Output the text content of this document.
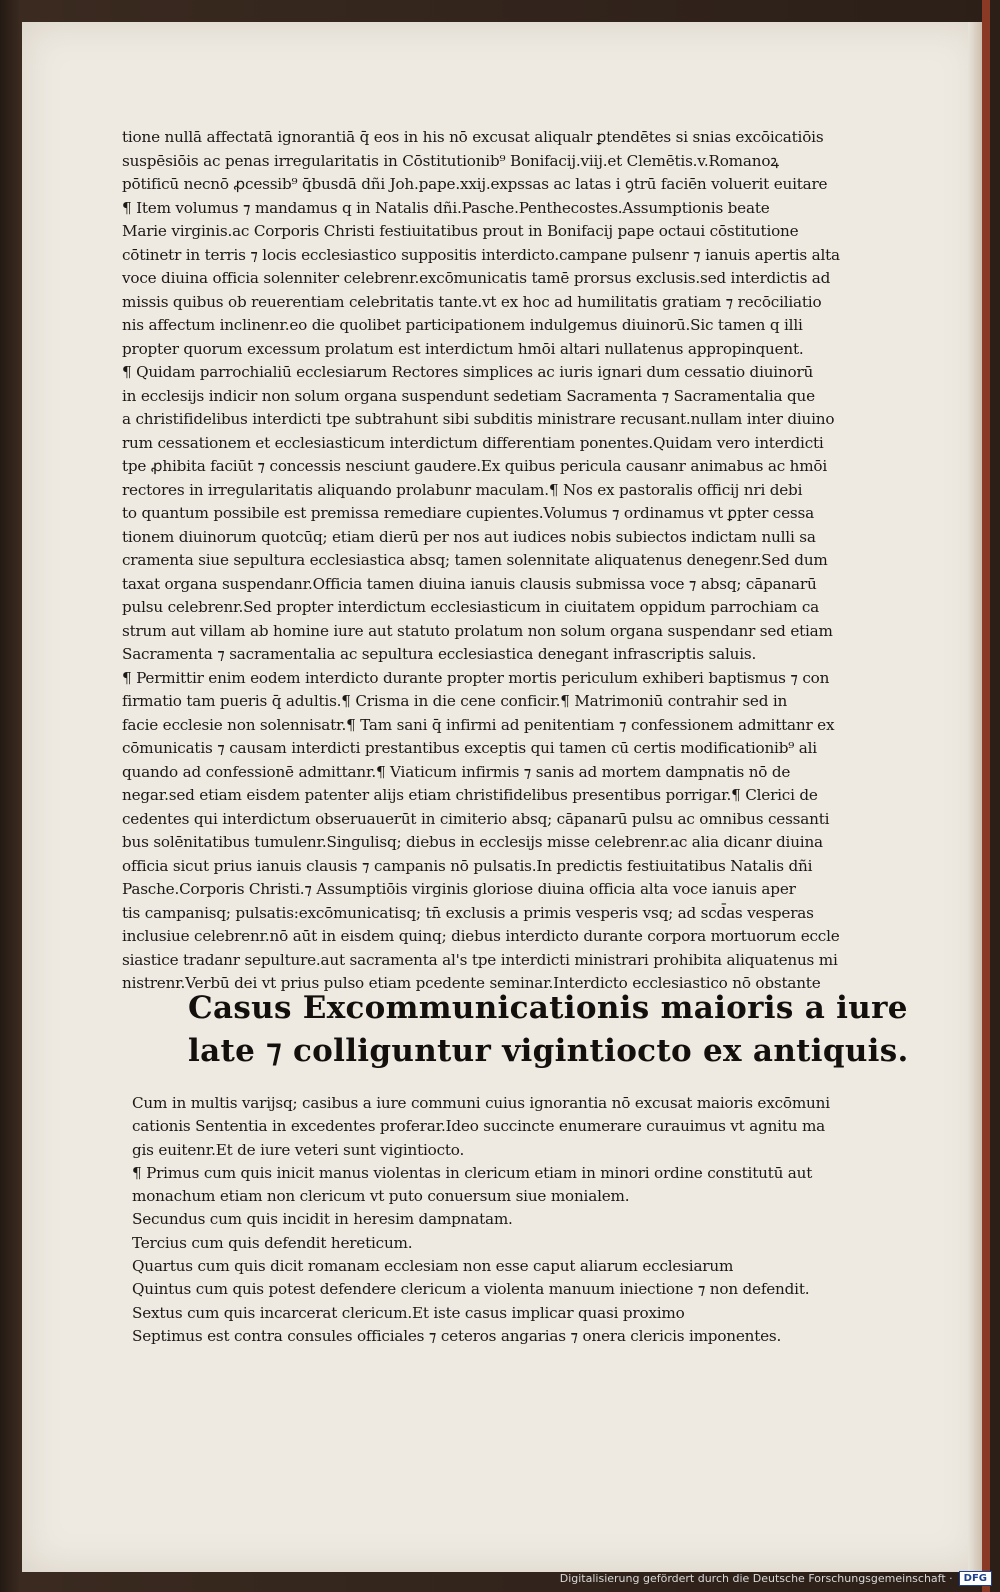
tione nullā affectatā ignorantiā q̄ eos in his nō excusat aliqualr ꝑtendētes si snias excōicatiōis
suspēsiōis ac penas irregularitatis in Cōstitutionib⁹ Bonifacij.viij.et Clemētis.v.Romanoꝝ
pōtificū necnō ꝓcessib⁹ q̄busdā dñi Joh.pape.xxij.expssas ac latas i ꝯtrū faciēn voluerit euitare
¶ Item volumus ⁊ mandamus q in Natalis dñi.Pasche.Penthecostes.Assumptionis beate
Marie virginis.ac Corporis Christi festiuitatibus prout in Bonifacij pape octaui cōstitutione
cōtinetr in terris ⁊ locis ecclesiastico suppositis interdicto.campane pulsenr ⁊ ianuis apertis alta
voce diuina officia solenniter celebrenr.excōmunicatis tamē prorsus exclusis.sed interdictis ad
missis quibus ob reuerentiam celebritatis tante.vt ex hoc ad humilitatis gratiam ⁊ recōciliatio
nis affectum inclinenr.eo die quolibet participationem indulgemus diuinorū.Sic tamen q illi
propter quorum excessum prolatum est interdictum hmōi altari nullatenus appropinquent.
¶ Quidam parrochialiū ecclesiarum Rectores simplices ac iuris ignari dum cessatio diuinorū
in ecclesijs indicir non solum organa suspendunt sedetiam Sacramenta ⁊ Sacramentalia que
a christifidelibus interdicti tpe subtrahunt sibi subditis ministrare recusant.nullam inter diuino
rum cessationem et ecclesiasticum interdictum differentiam ponentes.Quidam vero interdicti
tpe ꝓhibita faciūt ⁊ concessis nesciunt gaudere.Ex quibus pericula causanr animabus ac hmōi
rectores in irregularitatis aliquando prolabunr maculam.¶ Nos ex pastoralis officij nri debi
to quantum possibile est premissa remediare cupientes.Volumus ⁊ ordinamus vt ꝑpter cessa
tionem diuinorum quotcūq; etiam dierū per nos aut iudices nobis subiectos indictam nulli sa
cramenta siue sepultura ecclesiastica absq; tamen solennitate aliquatenus denegenr.Sed dum
taxat organa suspendanr.Officia tamen diuina ianuis clausis submissa voce ⁊ absq; cāpanarū
pulsu celebrenr.Sed propter interdictum ecclesiasticum in ciuitatem oppidum parrochiam ca
strum aut villam ab homine iure aut statuto prolatum non solum organa suspendanr sed etiam
Sacramenta ⁊ sacramentalia ac sepultura ecclesiastica denegant infrascriptis saluis.
¶ Permittir enim eodem interdicto durante propter mortis periculum exhiberi baptismus ⁊ con
firmatio tam pueris q̄ adultis.¶ Crisma in die cene conficir.¶ Matrimoniū contrahir sed in
facie ecclesie non solennisatr.¶ Tam sani q̄ infirmi ad penitentiam ⁊ confessionem admittanr ex
cōmunicatis ⁊ causam interdicti prestantibus exceptis qui tamen cū certis modificationib⁹ ali
quando ad confessionē admittanr.¶ Viaticum infirmis ⁊ sanis ad mortem dampnatis nō de
negar.sed etiam eisdem patenter alijs etiam christifidelibus presentibus porrigar.¶ Clerici de
cedentes qui interdictum obseruauerūt in cimiterio absq; cāpanarū pulsu ac omnibus cessanti
bus solēnitatibus tumulenr.Singulisq; diebus in ecclesijs misse celebrenr.ac alia dicanr diuina
officia sicut prius ianuis clausis ⁊ campanis nō pulsatis.In predictis festiuitatibus Natalis dñi
Pasche.Corporis Christi.⁊ Assumptiōis virginis gloriose diuina officia alta voce ianuis aper
tis campanisq; pulsatis:excōmunicatisq; tn̄ exclusis a primis vesperis vsq; ad scd̄as vesperas
inclusiue celebrenr.nō aūt in eisdem quinq; diebus interdicto durante corpora mortuorum eccle
siastice tradanr sepulture.aut sacramenta al's tpe interdicti ministrari prohibita aliquatenus mi
nistrenr.Verbū dei vt prius pulso etiam pcedente seminar.Interdicto ecclesiastico nō obstante
Casus Excommunicationis maioris a iure
late ⁊ colliguntur vigintiocto ex antiquis.
Cum in multis varijsq; casibus a iure communi cuius ignorantia nō excusat maioris excōmuni
cationis Sententia in excedentes proferar.Ideo succincte enumerare curauimus vt agnitu ma
gis euitenr.Et de iure veteri sunt vigintiocto.
¶ Primus cum quis inicit manus violentas in clericum etiam in minori ordine constitutū aut
monachum etiam non clericum vt puto conuersum siue monialem.
Secundus cum quis incidit in heresim dampnatam.
Tercius cum quis defendit hereticum.
Quartus cum quis dicit romanam ecclesiam non esse caput aliarum ecclesiarum
Quintus cum quis potest defendere clericum a violenta manuum iniectione ⁊ non defendit.
Sextus cum quis incarcerat clericum.Et iste casus implicar quasi proximo
Septimus est contra consules officiales ⁊ ceteros angarias ⁊ onera clericis imponentes.
Digitalisierung gefördert durch die Deutsche Forschungsgemeinschaft ·	DFG
